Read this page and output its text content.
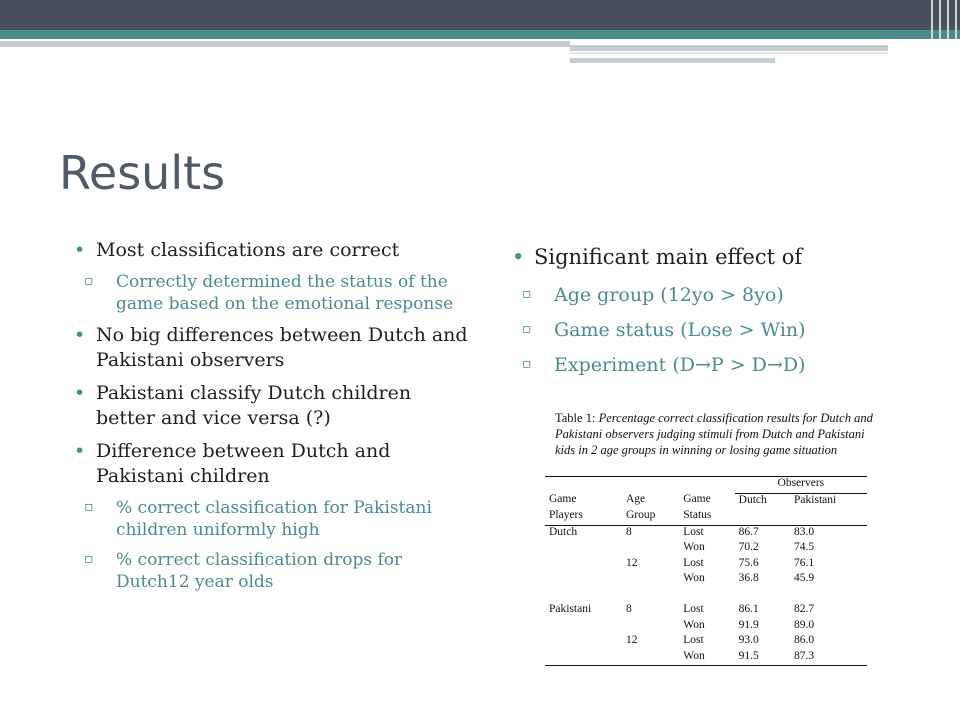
Results
• Most classifications are correct
▫ Correctly determined the status of the game based on the emotional response
• No big differences between Dutch and Pakistani observers
• Pakistani classify Dutch children better and vice versa (?)
• Difference between Dutch and Pakistani children
▫ % correct classification for Pakistani children uniformly high
▫ % correct classification drops for Dutch12 year olds
• Significant main effect of
▫ Age group (12yo > 8yo)
▫ Game status (Lose > Win)
▫ Experiment (D→P > D→D)
Table 1: Percentage correct classification results for Dutch and Pakistani observers judging stimuli from Dutch and Pakistani kids in 2 age groups in winning or losing game situation
			Observers	
Game	Age	Game	Dutch	Pakistani
Players	Group	Status		
Dutch	8	Lost	86.7	83.0
		Won	70.2	74.5
	12	Lost	75.6	76.1
		Won	36.8	45.9

Pakistani	8	Lost	86.1	82.7
		Won	91.9	89.0
	12	Lost	93.0	86.0
		Won	91.5	87.3
